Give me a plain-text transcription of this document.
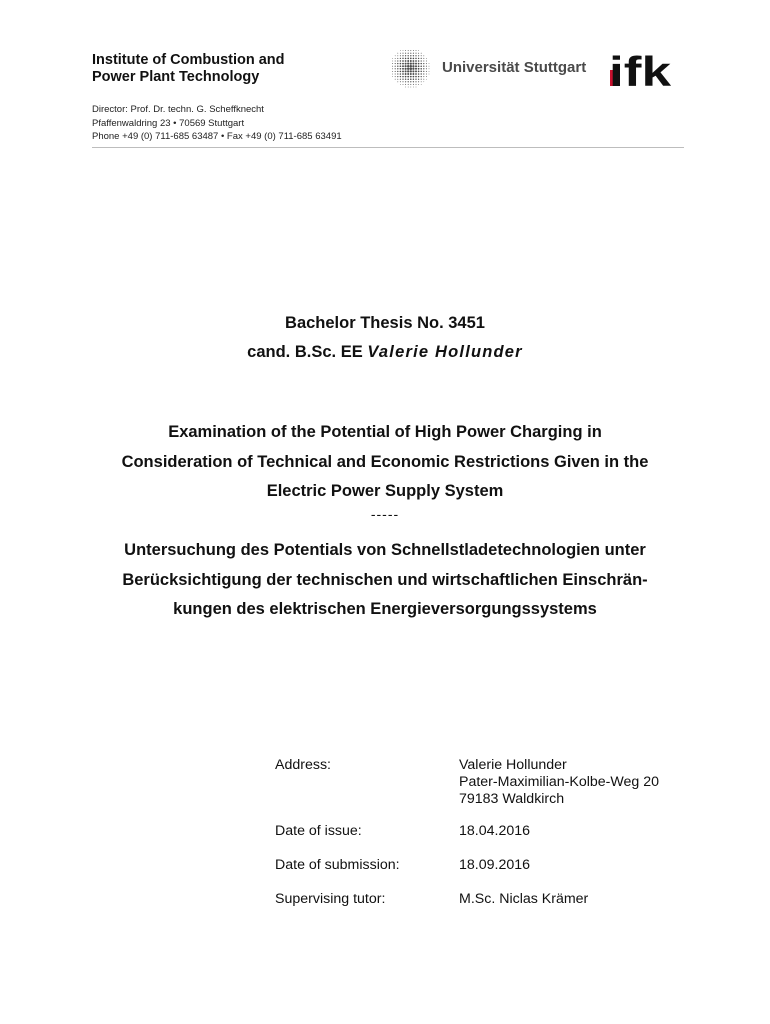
Institute of Combustion and
Power Plant Technology
Director: Prof. Dr. techn. G. Scheffknecht
Pfaffenwaldring 23 • 70569 Stuttgart
Phone +49 (0) 711-685 63487 • Fax +49 (0) 711-685 63491
Universität Stuttgart ifk
Bachelor Thesis No. 3451
cand. B.Sc. EE Valerie Hollunder
Examination of the Potential of High Power Charging in
Consideration of Technical and Economic Restrictions Given in the
Electric Power Supply System
-----
Untersuchung des Potentials von Schnellstladetechnologien unter
Berücksichtigung der technischen und wirtschaftlichen Einschrän-
kungen des elektrischen Energieversorgungssystems
Address:	Valerie Hollunder
Pater-Maximilian-Kolbe-Weg 20
79183 Waldkirch
Date of issue:	18.04.2016
Date of submission:	18.09.2016
Supervising tutor:	M.Sc. Niclas Krämer
